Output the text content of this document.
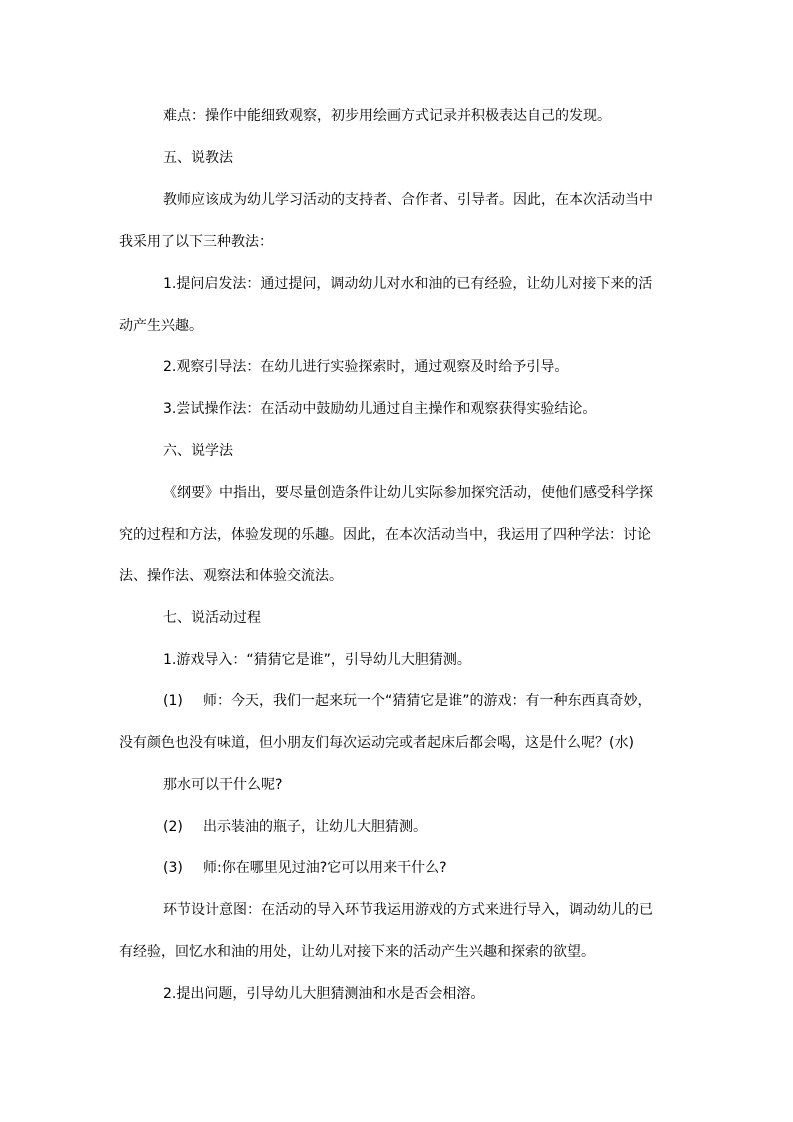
难点：操作中能细致观察，初步用绘画方式记录并积极表达自己的发现。
五、说教法
教师应该成为幼儿学习活动的支持者、合作者、引导者。因此，在本次活动当中
我采用了以下三种教法：
1.提问启发法：通过提问，调动幼儿对水和油的已有经验，让幼儿对接下来的活
动产生兴趣。
2.观察引导法：在幼儿进行实验探索时，通过观察及时给予引导。
3.尝试操作法：在活动中鼓励幼儿通过自主操作和观察获得实验结论。
六、说学法
《纲要》中指出，要尽量创造条件让幼儿实际参加探究活动，使他们感受科学探
究的过程和方法，体验发现的乐趣。因此，在本次活动当中，我运用了四种学法：讨论
法、操作法、观察法和体验交流法。
七、说活动过程
1.游戏导入：“猜猜它是谁”，引导幼儿大胆猜测。
(1) 师：今天，我们一起来玩一个“猜猜它是谁”的游戏：有一种东西真奇妙，
没有颜色也没有味道，但小朋友们每次运动完或者起床后都会喝，这是什么呢？(水)
那水可以干什么呢?
(2) 出示装油的瓶子，让幼儿大胆猜测。
(3) 师:你在哪里见过油?它可以用来干什么?
环节设计意图：在活动的导入环节我运用游戏的方式来进行导入，调动幼儿的已
有经验，回忆水和油的用处，让幼儿对接下来的活动产生兴趣和探索的欲望。
2.提出问题，引导幼儿大胆猜测油和水是否会相溶。
